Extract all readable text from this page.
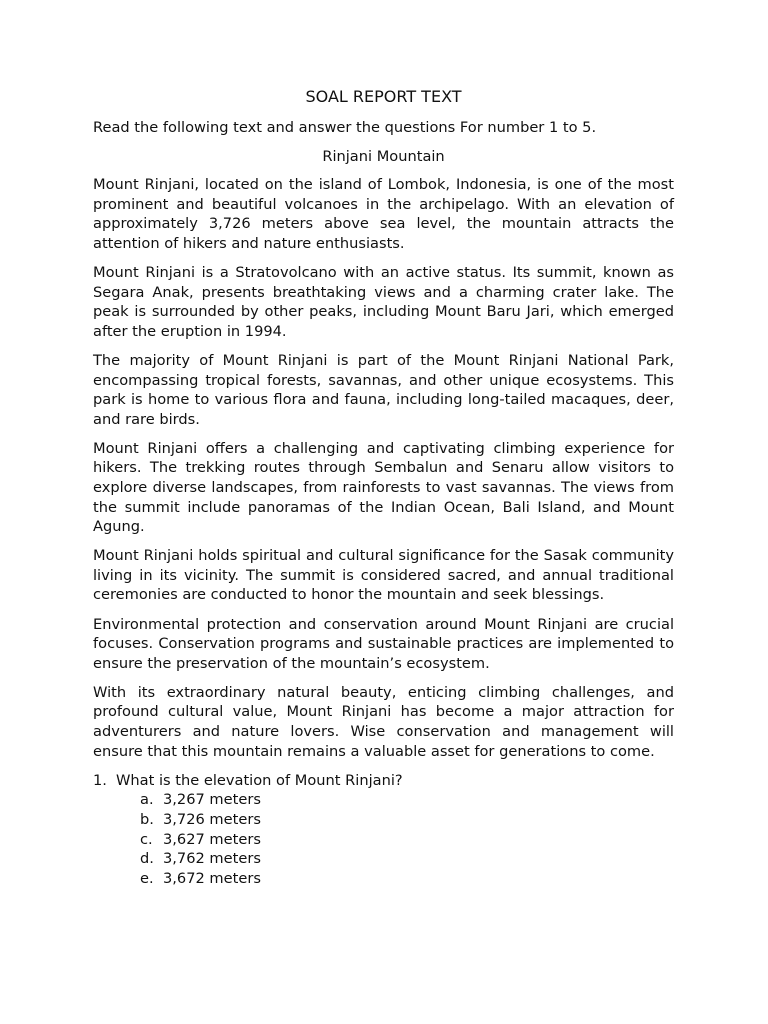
SOAL REPORT TEXT

Read the following text and answer the questions For number 1 to 5.

Rinjani Mountain

Mount Rinjani, located on the island of Lombok, Indonesia, is one of the most prominent and beautiful volcanoes in the archipelago. With an elevation of approximately 3,726 meters above sea level, the mountain attracts the attention of hikers and nature enthusiasts.

Mount Rinjani is a Stratovolcano with an active status. Its summit, known as Segara Anak, presents breathtaking views and a charming crater lake. The peak is surrounded by other peaks, including Mount Baru Jari, which emerged after the eruption in 1994.

The majority of Mount Rinjani is part of the Mount Rinjani National Park, encompassing tropical forests, savannas, and other unique ecosystems. This park is home to various flora and fauna, including long-tailed macaques, deer, and rare birds.

Mount Rinjani offers a challenging and captivating climbing experience for hikers. The trekking routes through Sembalun and Senaru allow visitors to explore diverse landscapes, from rainforests to vast savannas. The views from the summit include panoramas of the Indian Ocean, Bali Island, and Mount Agung.

Mount Rinjani holds spiritual and cultural significance for the Sasak community living in its vicinity. The summit is considered sacred, and annual traditional ceremonies are conducted to honor the mountain and seek blessings.

Environmental protection and conservation around Mount Rinjani are crucial focuses. Conservation programs and sustainable practices are implemented to ensure the preservation of the mountain’s ecosystem.

With its extraordinary natural beauty, enticing climbing challenges, and profound cultural value, Mount Rinjani has become a major attraction for adventurers and nature lovers. Wise conservation and management will ensure that this mountain remains a valuable asset for generations to come.

1. What is the elevation of Mount Rinjani?
a. 3,267 meters
b. 3,726 meters
c. 3,627 meters
d. 3,762 meters
e. 3,672 meters
